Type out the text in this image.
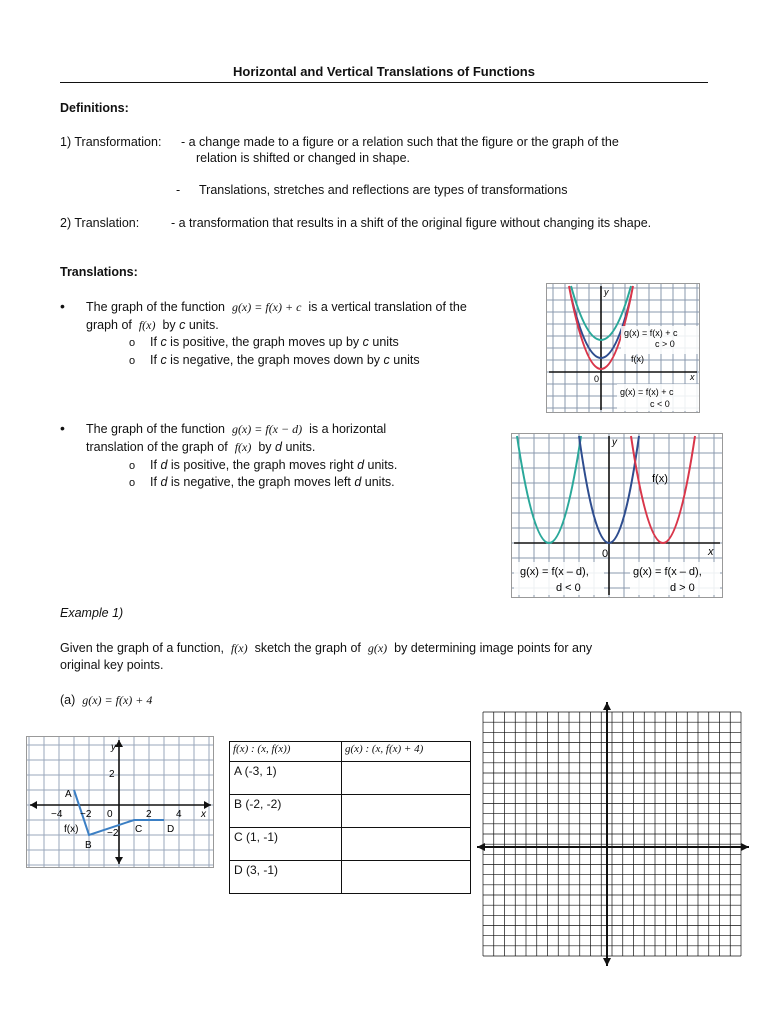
Horizontal and Vertical Translations of Functions
Definitions:
1) Transformation: - a change made to a figure or a relation such that the figure or the graph of the
relation is shifted or changed in shape.
- Translations, stretches and reflections are types of transformations
2) Translation:	- a transformation that results in a shift of the original figure without changing its shape.
Translations:
• The graph of the function g(x) = f(x) + c is a vertical translation of the
graph of f(x) by c units.
o If c is positive, the graph moves up by c units
o If c is negative, the graph moves down by c units
y
x
0
g(x) = f(x) + c
c > 0
f(x)
g(x) = f(x) + c
c < 0
• The graph of the function g(x) = f(x − d) is a horizontal
translation of the graph of f(x) by d units.
o If d is positive, the graph moves right d units.
o If d is negative, the graph moves left d units.
y
x
0
f(x)
g(x) = f(x – d),
d < 0
g(x) = f(x – d),
d > 0
Example 1)
Given the graph of a function, f(x) sketch the graph of g(x) by determining image points for any
original key points.
(a) g(x) = f(x) + 4
y
x
2
−2
−4 −2 0	2 4
f(x)
A
B
C D
f(x) : (x, f(x))	g(x) : (x, f(x) + 4)
A (-3, 1)	
B (-2, -2)	
C (1, -1)	
D (3, -1)	
